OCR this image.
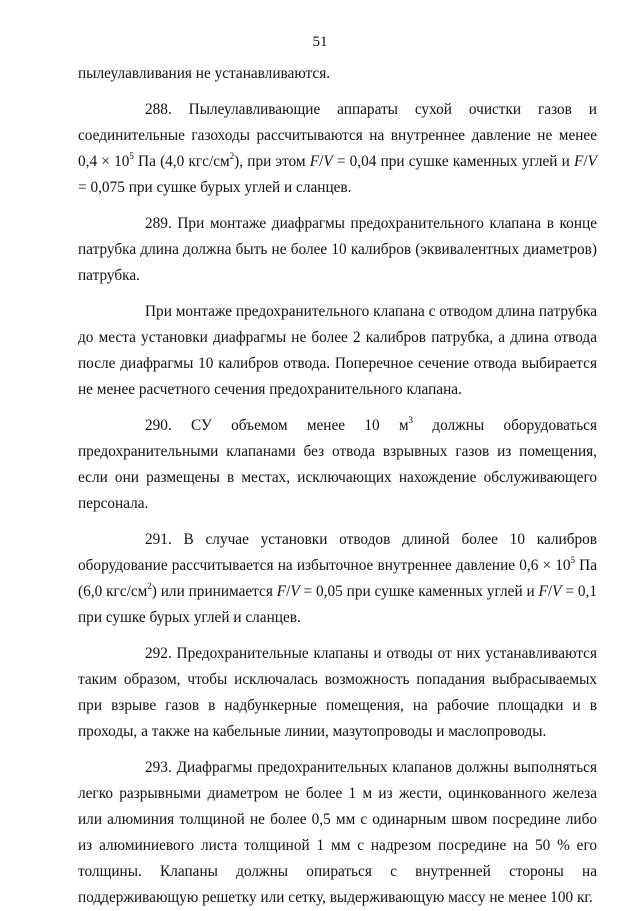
51

пылеулавливания не устанавливаются.

288. Пылеулавливающие аппараты сухой очистки газов и соединительные газоходы рассчитываются на внутреннее давление не менее $0,4 \times 10^5$ Па (4,0 кгс/$см^2$), при этом F/V = 0,04 при сушке каменных углей и F/V = 0,075 при сушке бурых углей и сланцев.

289. При монтаже диафрагмы предохранительного клапана в конце патрубка длина должна быть не более 10 калибров (эквивалентных диаметров) патрубка.

При монтаже предохранительного клапана с отводом длина патрубка до места установки диафрагмы не более 2 калибров патрубка, а длина отвода после диафрагмы 10 калибров отвода. Поперечное сечение отвода выбирается не менее расчетного сечения предохранительного клапана.

290. СУ объемом менее 10 $м^3$ должны оборудоваться предохранительными клапанами без отвода взрывных газов из помещения, если они размещены в местах, исключающих нахождение обслуживающего персонала.

291. В случае установки отводов длиной более 10 калибров оборудование рассчитывается на избыточное внутреннее давление $0,6 \times 10^5$ Па (6,0 кгс/$см^2$) или принимается F/V = 0,05 при сушке каменных углей и F/V = 0,1 при сушке бурых углей и сланцев.

292. Предохранительные клапаны и отводы от них устанавливаются таким образом, чтобы исключалась возможность попадания выбрасываемых при взрыве газов в надбункерные помещения, на рабочие площадки и в проходы, а также на кабельные линии, мазутопроводы и маслопроводы.

293. Диафрагмы предохранительных клапанов должны выполняться легко разрывными диаметром не более 1 м из жести, оцинкованного железа или алюминия толщиной не более 0,5 мм с одинарным швом посредине либо из алюминиевого листа толщиной 1 мм с надрезом посредине на 50 % его толщины. Клапаны должны опираться с внутренней стороны на поддерживающую решетку или сетку, выдерживающую массу не менее 100 кг.
